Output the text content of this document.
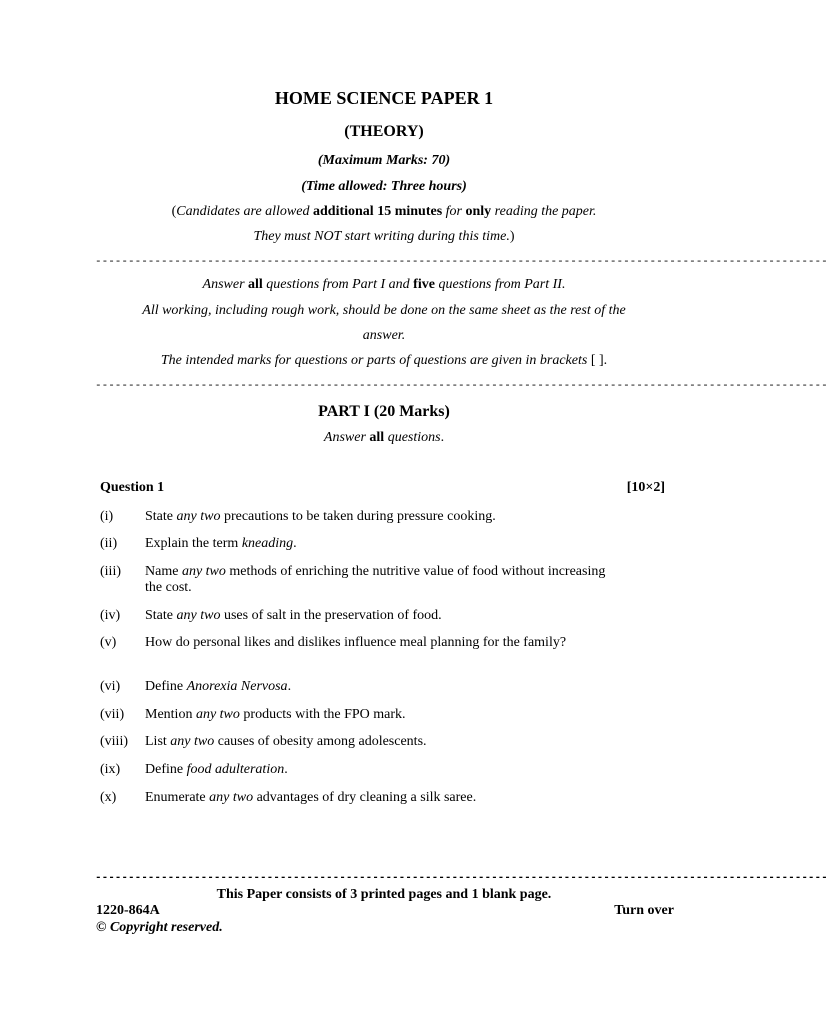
HOME SCIENCE PAPER 1
(THEORY)
(Maximum Marks: 70)
(Time allowed: Three hours)
(Candidates are allowed additional 15 minutes for only reading the paper.
They must NOT start writing during this time.)
---------------------------------------------------------------------------------------------------------------
Answer all questions from Part I and five questions from Part II.
All working, including rough work, should be done on the same sheet as the rest of the
answer.
The intended marks for questions or parts of questions are given in brackets [ ].
---------------------------------------------------------------------------------------------------------------
PART I (20 Marks)
Answer all questions.
Question 1	[10×2]
(i)	State any two precautions to be taken during pressure cooking.
(ii)	Explain the term kneading.
(iii)	Name any two methods of enriching the nutritive value of food without increasing the cost.
(iv)	State any two uses of salt in the preservation of food.
(v)	How do personal likes and dislikes influence meal planning for the family?
(vi)	Define Anorexia Nervosa.
(vii)	Mention any two products with the FPO mark.
(viii)	List any two causes of obesity among adolescents.
(ix)	Define food adulteration.
(x)	Enumerate any two advantages of dry cleaning a silk saree.
---------------------------------------------------------------------------------------------------------------
This Paper consists of 3 printed pages and 1 blank page.
1220-864A	Turn over
© Copyright reserved.
